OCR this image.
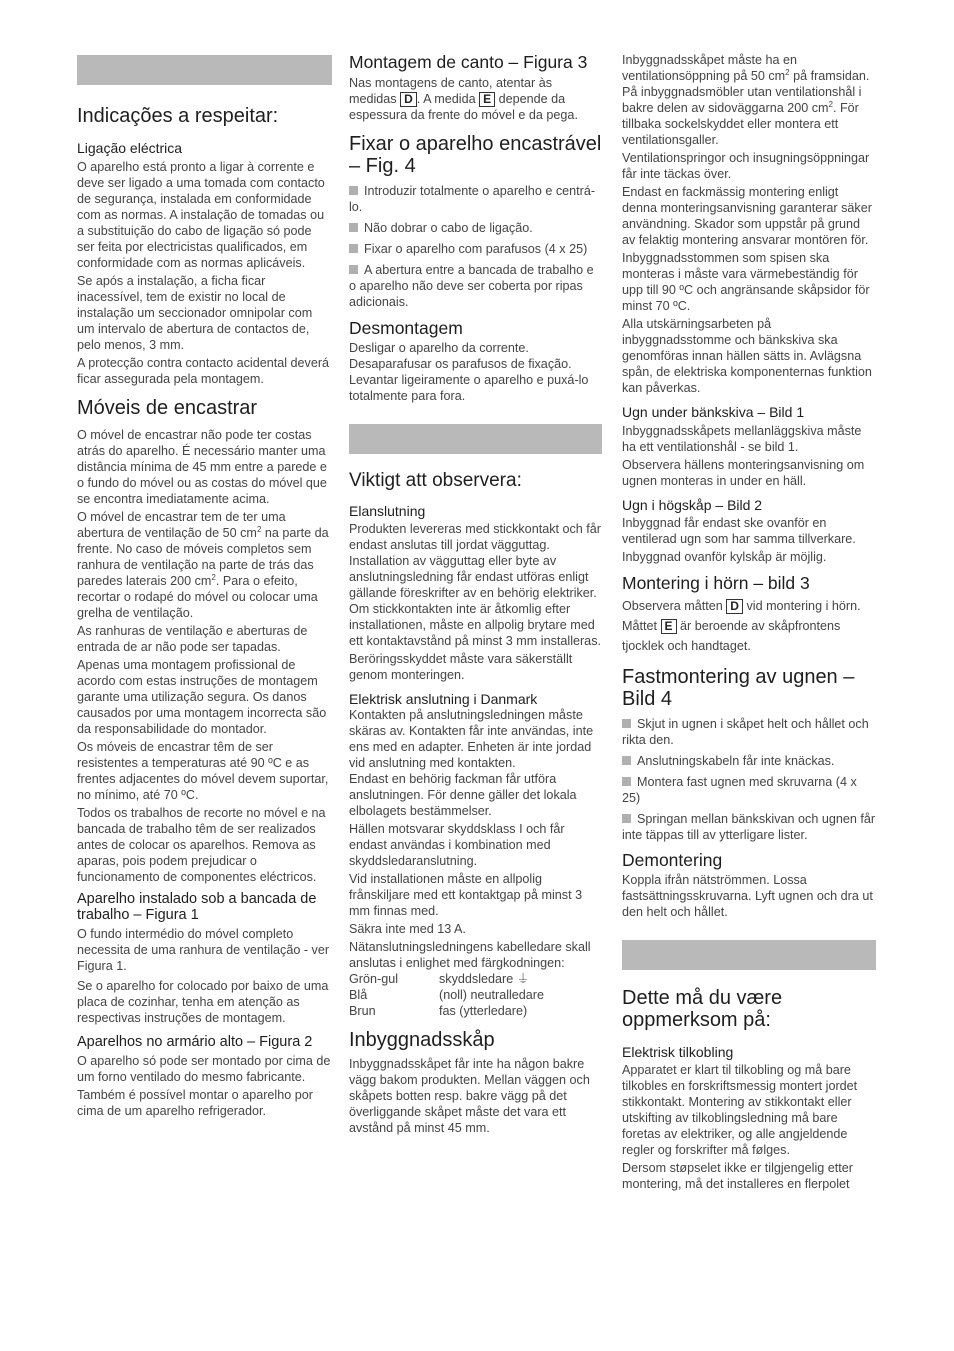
Indicações a respeitar:
Ligação eléctrica

O aparelho está pronto a ligar à corrente e deve ser ligado a uma tomada com contacto de segurança, instalada em conformidade com as normas. A instalação de tomadas ou a substituição do cabo de ligação só pode ser feita por electricistas qualificados, em conformidade com as normas aplicáveis.

Se após a instalação, a ficha ficar inacessível, tem de existir no local de instalação um seccionador omnipolar com um intervalo de abertura de contactos de, pelo menos, 3 mm.

A protecção contra contacto acidental deverá ficar assegurada pela montagem.

Móveis de encastrar

O móvel de encastrar não pode ter costas atrás do aparelho. É necessário manter uma distância mínima de 45 mm entre a parede e o fundo do móvel ou as costas do móvel que se encontra imediatamente acima.

O móvel de encastrar tem de ter uma abertura de ventilação de 50 $cm^2$ na parte da frente. No caso de móveis completos sem ranhura de ventilação na parte de trás das paredes laterais 200 $cm^2$. Para o efeito, recortar o rodapé do móvel ou colocar uma grelha de ventilação.

As ranhuras de ventilação e aberturas de entrada de ar não pode ser tapadas.

Apenas uma montagem profissional de acordo com estas instruções de montagem garante uma utilização segura. Os danos causados por uma montagem incorrecta são da responsabilidade do montador.

Os móveis de encastrar têm de ser resistentes a temperaturas até 90 ºC e as frentes adjacentes do móvel devem suportar, no mínimo, até 70 ºC.

Todos os trabalhos de recorte no móvel e na bancada de trabalho têm de ser realizados antes de colocar os aparelhos. Remova as aparas, pois podem prejudicar o funcionamento de componentes eléctricos.

Aparelho instalado sob a bancada de trabalho – Figura 1

O fundo intermédio do móvel completo necessita de uma ranhura de ventilação - ver Figura 1.

Se o aparelho for colocado por baixo de uma placa de cozinhar, tenha em atenção as respectivas instruções de montagem.

Aparelhos no armário alto – Figura 2

O aparelho só pode ser montado por cima de um forno ventilado do mesmo fabricante.

Também é possível montar o aparelho por cima de um aparelho refrigerador.

Montagem de canto – Figura 3

Nas montagens de canto, atentar às medidas D . A medida E depende da espessura da frente do móvel e da pega.

Fixar o aparelho encastrável – Fig. 4

Introduzir totalmente o aparelho e centrá-lo.

Não dobrar o cabo de ligação.

Fixar o aparelho com parafusos (4 x 25)

A abertura entre a bancada de trabalho e o aparelho não deve ser coberta por ripas adicionais.

Desmontagem

Desligar o aparelho da corrente. Desaparafusar os parafusos de fixação. Levantar ligeiramente o aparelho e puxá-lo totalmente para fora.

Viktigt att observera:
Elanslutning

Produkten levereras med stickkontakt och får endast anslutas till jordat vägguttag. Installation av vägguttag eller byte av anslutningsledning får endast utföras enligt gällande föreskrifter av en behörig elektriker.

Om stickkontakten inte är åtkomlig efter installationen, måste en allpolig brytare med ett kontaktavstånd på minst 3 mm installeras.

Beröringsskyddet måste vara säkerställt genom monteringen.

Elektrisk anslutning i Danmark

Kontakten på anslutningsledningen måste skäras av. Kontakten får inte användas, inte ens med en adapter. Enheten är inte jordad vid anslutning med kontakten.

Endast en behörig fackman får utföra anslutningen. För denne gäller det lokala elbolagets bestämmelser.

Hällen motsvarar skyddsklass I och får endast användas i kombination med skyddsledaranslutning.

Vid installationen måste en allpolig frånskiljare med ett kontaktgap på minst 3 mm finnas med.

Säkra inte med 13 A.

Nätanslutningsledningens kabelledare skall anslutas i enlighet med färgkodningen:

Grön-gul	skyddsledare ⏚
Blå	(noll) neutralledare
Brun	fas (ytterledare)
Inbyggnadsskåp

Inbyggnadsskåpet får inte ha någon bakre vägg bakom produkten. Mellan väggen och skåpets botten resp. bakre vägg på det överliggande skåpet måste det vara ett avstånd på minst 45 mm.

Inbyggnadsskåpet måste ha en ventilationsöppning på 50 $cm^2$ på framsidan. På inbyggnadsmöbler utan ventilationshål i bakre delen av sidoväggarna 200 $cm^2$. För tillbaka sockelskyddet eller montera ett ventilationsgaller.

Ventilationspringor och insugningsöppningar får inte täckas över.

Endast en fackmässig montering enligt denna monteringsanvisning garanterar säker användning. Skador som uppstår på grund av felaktig montering ansvarar montören för.

Inbyggnadsstommen som spisen ska monteras i måste vara värmebeständig för upp till 90 ºC och angränsande skåpsidor för minst 70 ºC.

Alla utskärningsarbeten på inbyggnadsstomme och bänkskiva ska genomföras innan hällen sätts in. Avlägsna spån, de elektriska komponenternas funktion kan påverkas.

Ugn under bänkskiva – Bild 1

Inbyggnadsskåpets mellanläggskiva måste ha ett ventilationshål - se bild 1.

Observera hällens monteringsanvisning om ugnen monteras in under en häll.

Ugn i högskåp – Bild 2

Inbyggnad får endast ske ovanför en ventilerad ugn som har samma tillverkare.

Inbyggnad ovanför kylskåp är möjlig.

Montering i hörn – bild 3

Observera måtten D vid montering i hörn. Måttet E är beroende av skåpfrontens tjocklek och handtaget.

Fastmontering av ugnen – Bild 4

Skjut in ugnen i skåpet helt och hållet och rikta den.

Anslutningskabeln får inte knäckas.

Montera fast ugnen med skruvarna (4 x 25)

Springan mellan bänkskivan och ugnen får inte täppas till av ytterligare lister.

Demontering

Koppla ifrån nätströmmen. Lossa fastsättningsskruvarna. Lyft ugnen och dra ut den helt och hållet.

Dette må du være oppmerksom på:
Elektrisk tilkobling

Apparatet er klart til tilkobling og må bare tilkobles en forskriftsmessig montert jordet stikkontakt. Montering av stikkontakt eller utskifting av tilkoblingsledning må bare foretas av elektriker, og alle angjeldende regler og forskrifter må følges.

Dersom støpselet ikke er tilgjengelig etter montering, må det installeres en flerpolet
